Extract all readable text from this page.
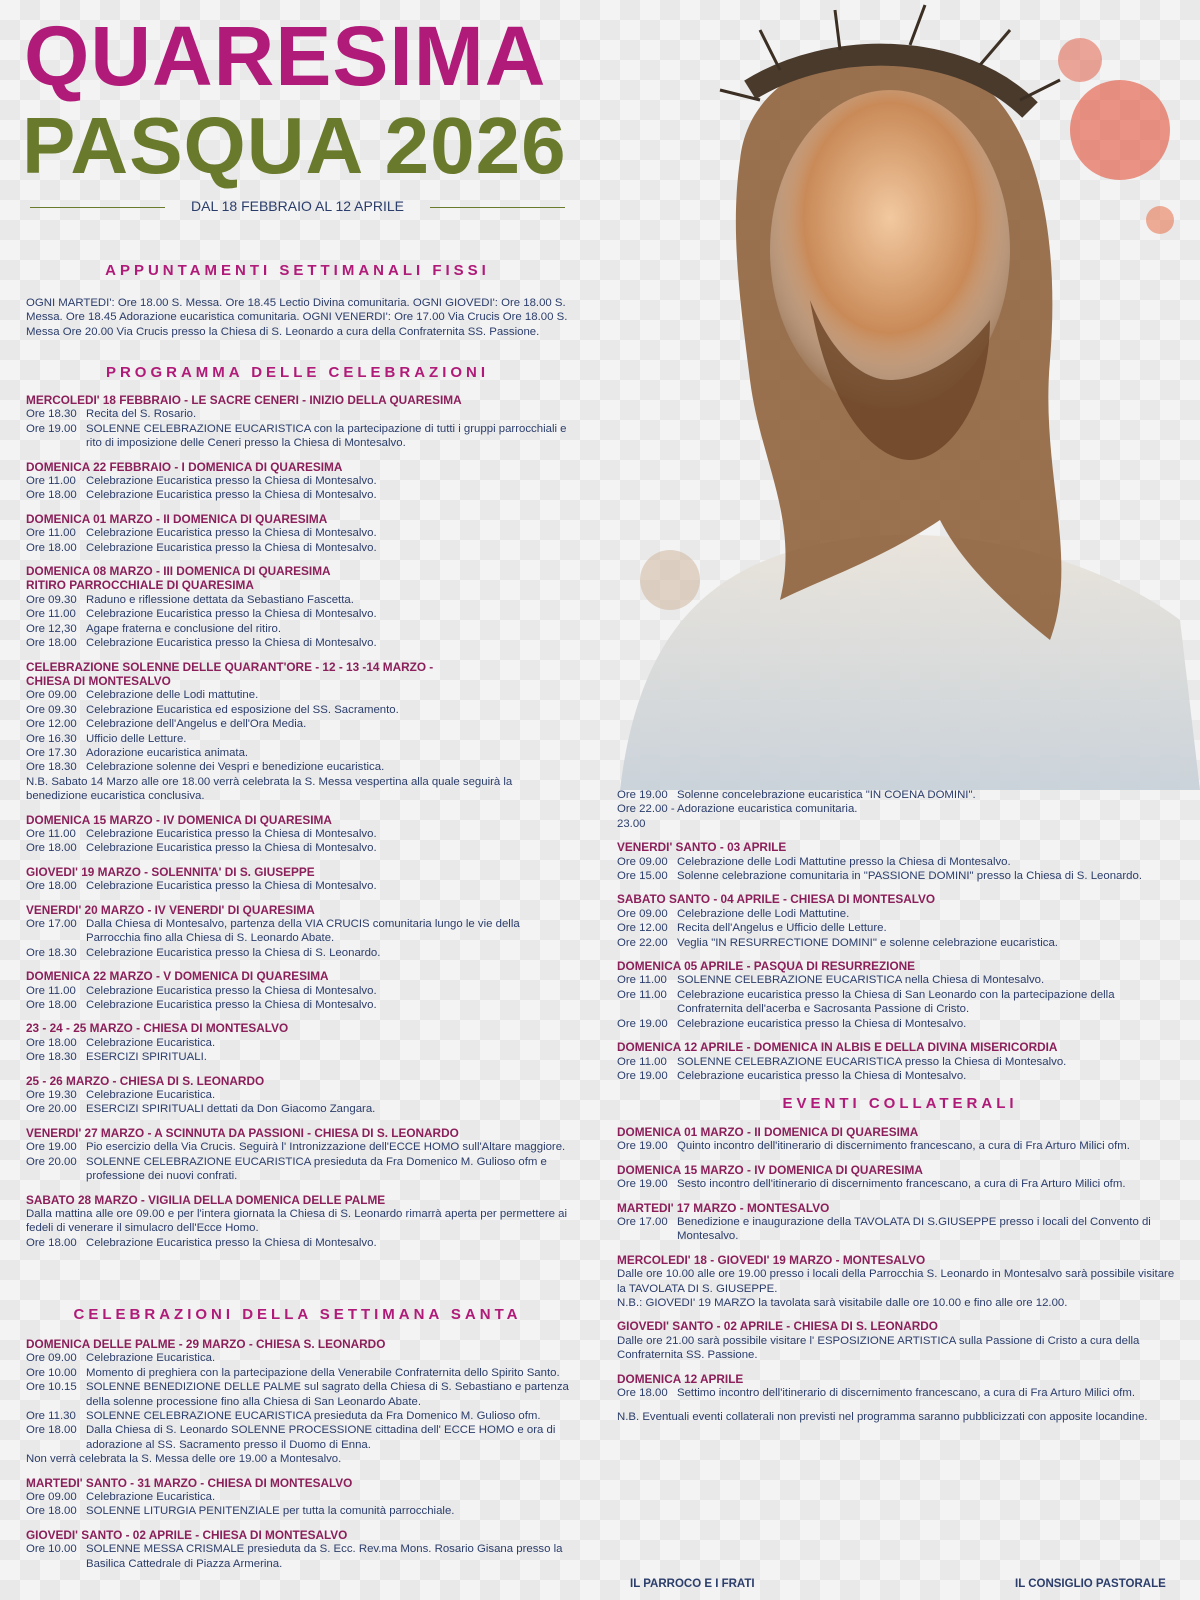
QUARESIMA
PASQUA 2026
DAL 18 FEBBRAIO AL 12 APRILE
APPUNTAMENTI SETTIMANALI FISSI

OGNI MARTEDI': Ore 18.00 S. Messa. Ore 18.45 Lectio Divina comunitaria. OGNI GIOVEDI': Ore 18.00 S. Messa. Ore 18.45 Adorazione eucaristica comunitaria. OGNI VENERDI': Ore 17.00 Via Crucis Ore 18.00 S. Messa Ore 20.00 Via Crucis presso la Chiesa di S. Leonardo a cura della Confraternita SS. Passione.

PROGRAMMA DELLE CELEBRAZIONI
MERCOLEDI' 18 FEBBRAIO - LE SACRE CENERI - INIZIO DELLA QUARESIMA
Ore 18.30 Recita del S. Rosario.
Ore 19.00 SOLENNE CELEBRAZIONE EUCARISTICA con la partecipazione di tutti i gruppi parrocchiali e rito di imposizione delle Ceneri presso la Chiesa di Montesalvo.
DOMENICA 22 FEBBRAIO - I DOMENICA DI QUARESIMA
Ore 11.00 Celebrazione Eucaristica presso la Chiesa di Montesalvo.
Ore 18.00 Celebrazione Eucaristica presso la Chiesa di Montesalvo.
DOMENICA 01 MARZO - II DOMENICA DI QUARESIMA
Ore 11.00 Celebrazione Eucaristica presso la Chiesa di Montesalvo.
Ore 18.00 Celebrazione Eucaristica presso la Chiesa di Montesalvo.
DOMENICA 08 MARZO - III DOMENICA DI QUARESIMA
RITIRO PARROCCHIALE DI QUARESIMA
Ore 09.30 Raduno e riflessione dettata da Sebastiano Fascetta.
Ore 11.00 Celebrazione Eucaristica presso la Chiesa di Montesalvo.
Ore 12,30 Agape fraterna e conclusione del ritiro.
Ore 18.00 Celebrazione Eucaristica presso la Chiesa di Montesalvo.
CELEBRAZIONE SOLENNE DELLE QUARANT'ORE - 12 - 13 -14 MARZO -
CHIESA DI MONTESALVO
Ore 09.00 Celebrazione delle Lodi mattutine.
Ore 09.30 Celebrazione Eucaristica ed esposizione del SS. Sacramento.
Ore 12.00 Celebrazione dell'Angelus e dell'Ora Media.
Ore 16.30 Ufficio delle Letture.
Ore 17.30 Adorazione eucaristica animata.
Ore 18.30 Celebrazione solenne dei Vespri e benedizione eucaristica.
N.B. Sabato 14 Marzo alle ore 18.00 verrà celebrata la S. Messa vespertina alla quale seguirà la benedizione eucaristica conclusiva.
DOMENICA 15 MARZO - IV DOMENICA DI QUARESIMA
Ore 11.00 Celebrazione Eucaristica presso la Chiesa di Montesalvo.
Ore 18.00 Celebrazione Eucaristica presso la Chiesa di Montesalvo.
GIOVEDI' 19 MARZO - SOLENNITA' DI S. GIUSEPPE
Ore 18.00 Celebrazione Eucaristica presso la Chiesa di Montesalvo.
VENERDI' 20 MARZO - IV VENERDI' DI QUARESIMA
Ore 17.00 Dalla Chiesa di Montesalvo, partenza della VIA CRUCIS comunitaria lungo le vie della Parrocchia fino alla Chiesa di S. Leonardo Abate.
Ore 18.30 Celebrazione Eucaristica presso la Chiesa di S. Leonardo.
DOMENICA 22 MARZO - V DOMENICA DI QUARESIMA
Ore 11.00 Celebrazione Eucaristica presso la Chiesa di Montesalvo.
Ore 18.00 Celebrazione Eucaristica presso la Chiesa di Montesalvo.
23 - 24 - 25 MARZO - CHIESA DI MONTESALVO
Ore 18.00 Celebrazione Eucaristica.
Ore 18.30 ESERCIZI SPIRITUALI.
25 - 26 MARZO - CHIESA DI S. LEONARDO
Ore 19.30 Celebrazione Eucaristica.
Ore 20.00 ESERCIZI SPIRITUALI dettati da Don Giacomo Zangara.
VENERDI' 27 MARZO - A SCINNUTA DA PASSIONI - CHIESA DI S. LEONARDO
Ore 19.00 Pio esercizio della Via Crucis. Seguirà l' Intronizzazione dell'ECCE HOMO sull'Altare maggiore.
Ore 20.00 SOLENNE CELEBRAZIONE EUCARISTICA presieduta da Fra Domenico M. Gulioso ofm e professione dei nuovi confrati.
SABATO 28 MARZO - VIGILIA DELLA DOMENICA DELLE PALME
Dalla mattina alle ore 09.00 e per l'intera giornata la Chiesa di S. Leonardo rimarrà aperta per permettere ai fedeli di venerare il simulacro dell'Ecce Homo.
Ore 18.00 Celebrazione Eucaristica presso la Chiesa di Montesalvo.
CELEBRAZIONI DELLA SETTIMANA SANTA
DOMENICA DELLE PALME - 29 MARZO - CHIESA S. LEONARDO
Ore 09.00 Celebrazione Eucaristica.
Ore 10.00 Momento di preghiera con la partecipazione della Venerabile Confraternita dello Spirito Santo.
Ore 10.15 SOLENNE BENEDIZIONE DELLE PALME sul sagrato della Chiesa di S. Sebastiano e partenza della solenne processione fino alla Chiesa di San Leonardo Abate.
Ore 11.30 SOLENNE CELEBRAZIONE EUCARISTICA presieduta da Fra Domenico M. Gulioso ofm.
Ore 18.00 Dalla Chiesa di S. Leonardo SOLENNE PROCESSIONE cittadina dell' ECCE HOMO e ora di adorazione al SS. Sacramento presso il Duomo di Enna.
Non verrà celebrata la S. Messa delle ore 19.00 a Montesalvo.
MARTEDI' SANTO - 31 MARZO - CHIESA DI MONTESALVO
Ore 09.00 Celebrazione Eucaristica.
Ore 18.00 SOLENNE LITURGIA PENITENZIALE per tutta la comunità parrocchiale.
GIOVEDI' SANTO - 02 APRILE - CHIESA DI MONTESALVO
Ore 10.00 SOLENNE MESSA CRISMALE presieduta da S. Ecc. Rev.ma Mons. Rosario Gisana presso la Basilica Cattedrale di Piazza Armerina.
Ore 19.00 Solenne concelebrazione eucaristica "IN COENA DOMINI".
Ore 22.00 - 23.00
Adorazione eucaristica comunitaria.
VENERDI' SANTO - 03 APRILE
Ore 09.00 Celebrazione delle Lodi Mattutine presso la Chiesa di Montesalvo.
Ore 15.00 Solenne celebrazione comunitaria in "PASSIONE DOMINI" presso la Chiesa di S. Leonardo.
SABATO SANTO - 04 APRILE - CHIESA DI MONTESALVO
Ore 09.00 Celebrazione delle Lodi Mattutine.
Ore 12.00 Recita dell'Angelus e Ufficio delle Letture.
Ore 22.00 Veglia "IN RESURRECTIONE DOMINI" e solenne celebrazione eucaristica.
DOMENICA 05 APRILE - PASQUA DI RESURREZIONE
Ore 11.00 SOLENNE CELEBRAZIONE EUCARISTICA nella Chiesa di Montesalvo.
Ore 11.00 Celebrazione eucaristica presso la Chiesa di San Leonardo con la partecipazione della Confraternita dell'acerba e Sacrosanta Passione di Cristo.
Ore 19.00 Celebrazione eucaristica presso la Chiesa di Montesalvo.
DOMENICA 12 APRILE - DOMENICA IN ALBIS E DELLA DIVINA MISERICORDIA
Ore 11.00 SOLENNE CELEBRAZIONE EUCARISTICA presso la Chiesa di Montesalvo.
Ore 19.00 Celebrazione eucaristica presso la Chiesa di Montesalvo.
EVENTI COLLATERALI
DOMENICA 01 MARZO - II DOMENICA DI QUARESIMA
Ore 19.00 Quinto incontro dell'itinerario di discernimento francescano, a cura di Fra Arturo Milici ofm.
DOMENICA 15 MARZO - IV DOMENICA DI QUARESIMA
Ore 19.00 Sesto incontro dell'itinerario di discernimento francescano, a cura di Fra Arturo Milici ofm.
MARTEDI' 17 MARZO - MONTESALVO
Ore 17.00 Benedizione e inaugurazione della TAVOLATA DI S.GIUSEPPE presso i locali del Convento di Montesalvo.
MERCOLEDI' 18 - GIOVEDI' 19 MARZO - MONTESALVO
Dalle ore 10.00 alle ore 19.00 presso i locali della Parrocchia S. Leonardo in Montesalvo sarà possibile visitare la TAVOLATA DI S. GIUSEPPE.
N.B.: GIOVEDI' 19 MARZO la tavolata sarà visitabile dalle ore 10.00 e fino alle ore 12.00.
GIOVEDI' SANTO - 02 APRILE - CHIESA DI S. LEONARDO
Dalle ore 21.00 sarà possibile visitare l' ESPOSIZIONE ARTISTICA sulla Passione di Cristo a cura della Confraternita SS. Passione.
DOMENICA 12 APRILE
Ore 18.00 Settimo incontro dell'itinerario di discernimento francescano, a cura di Fra Arturo Milici ofm.
N.B. Eventuali eventi collaterali non previsti nel programma saranno pubblicizzati con apposite locandine.
IL PARROCO E I FRATI	IL CONSIGLIO PASTORALE
